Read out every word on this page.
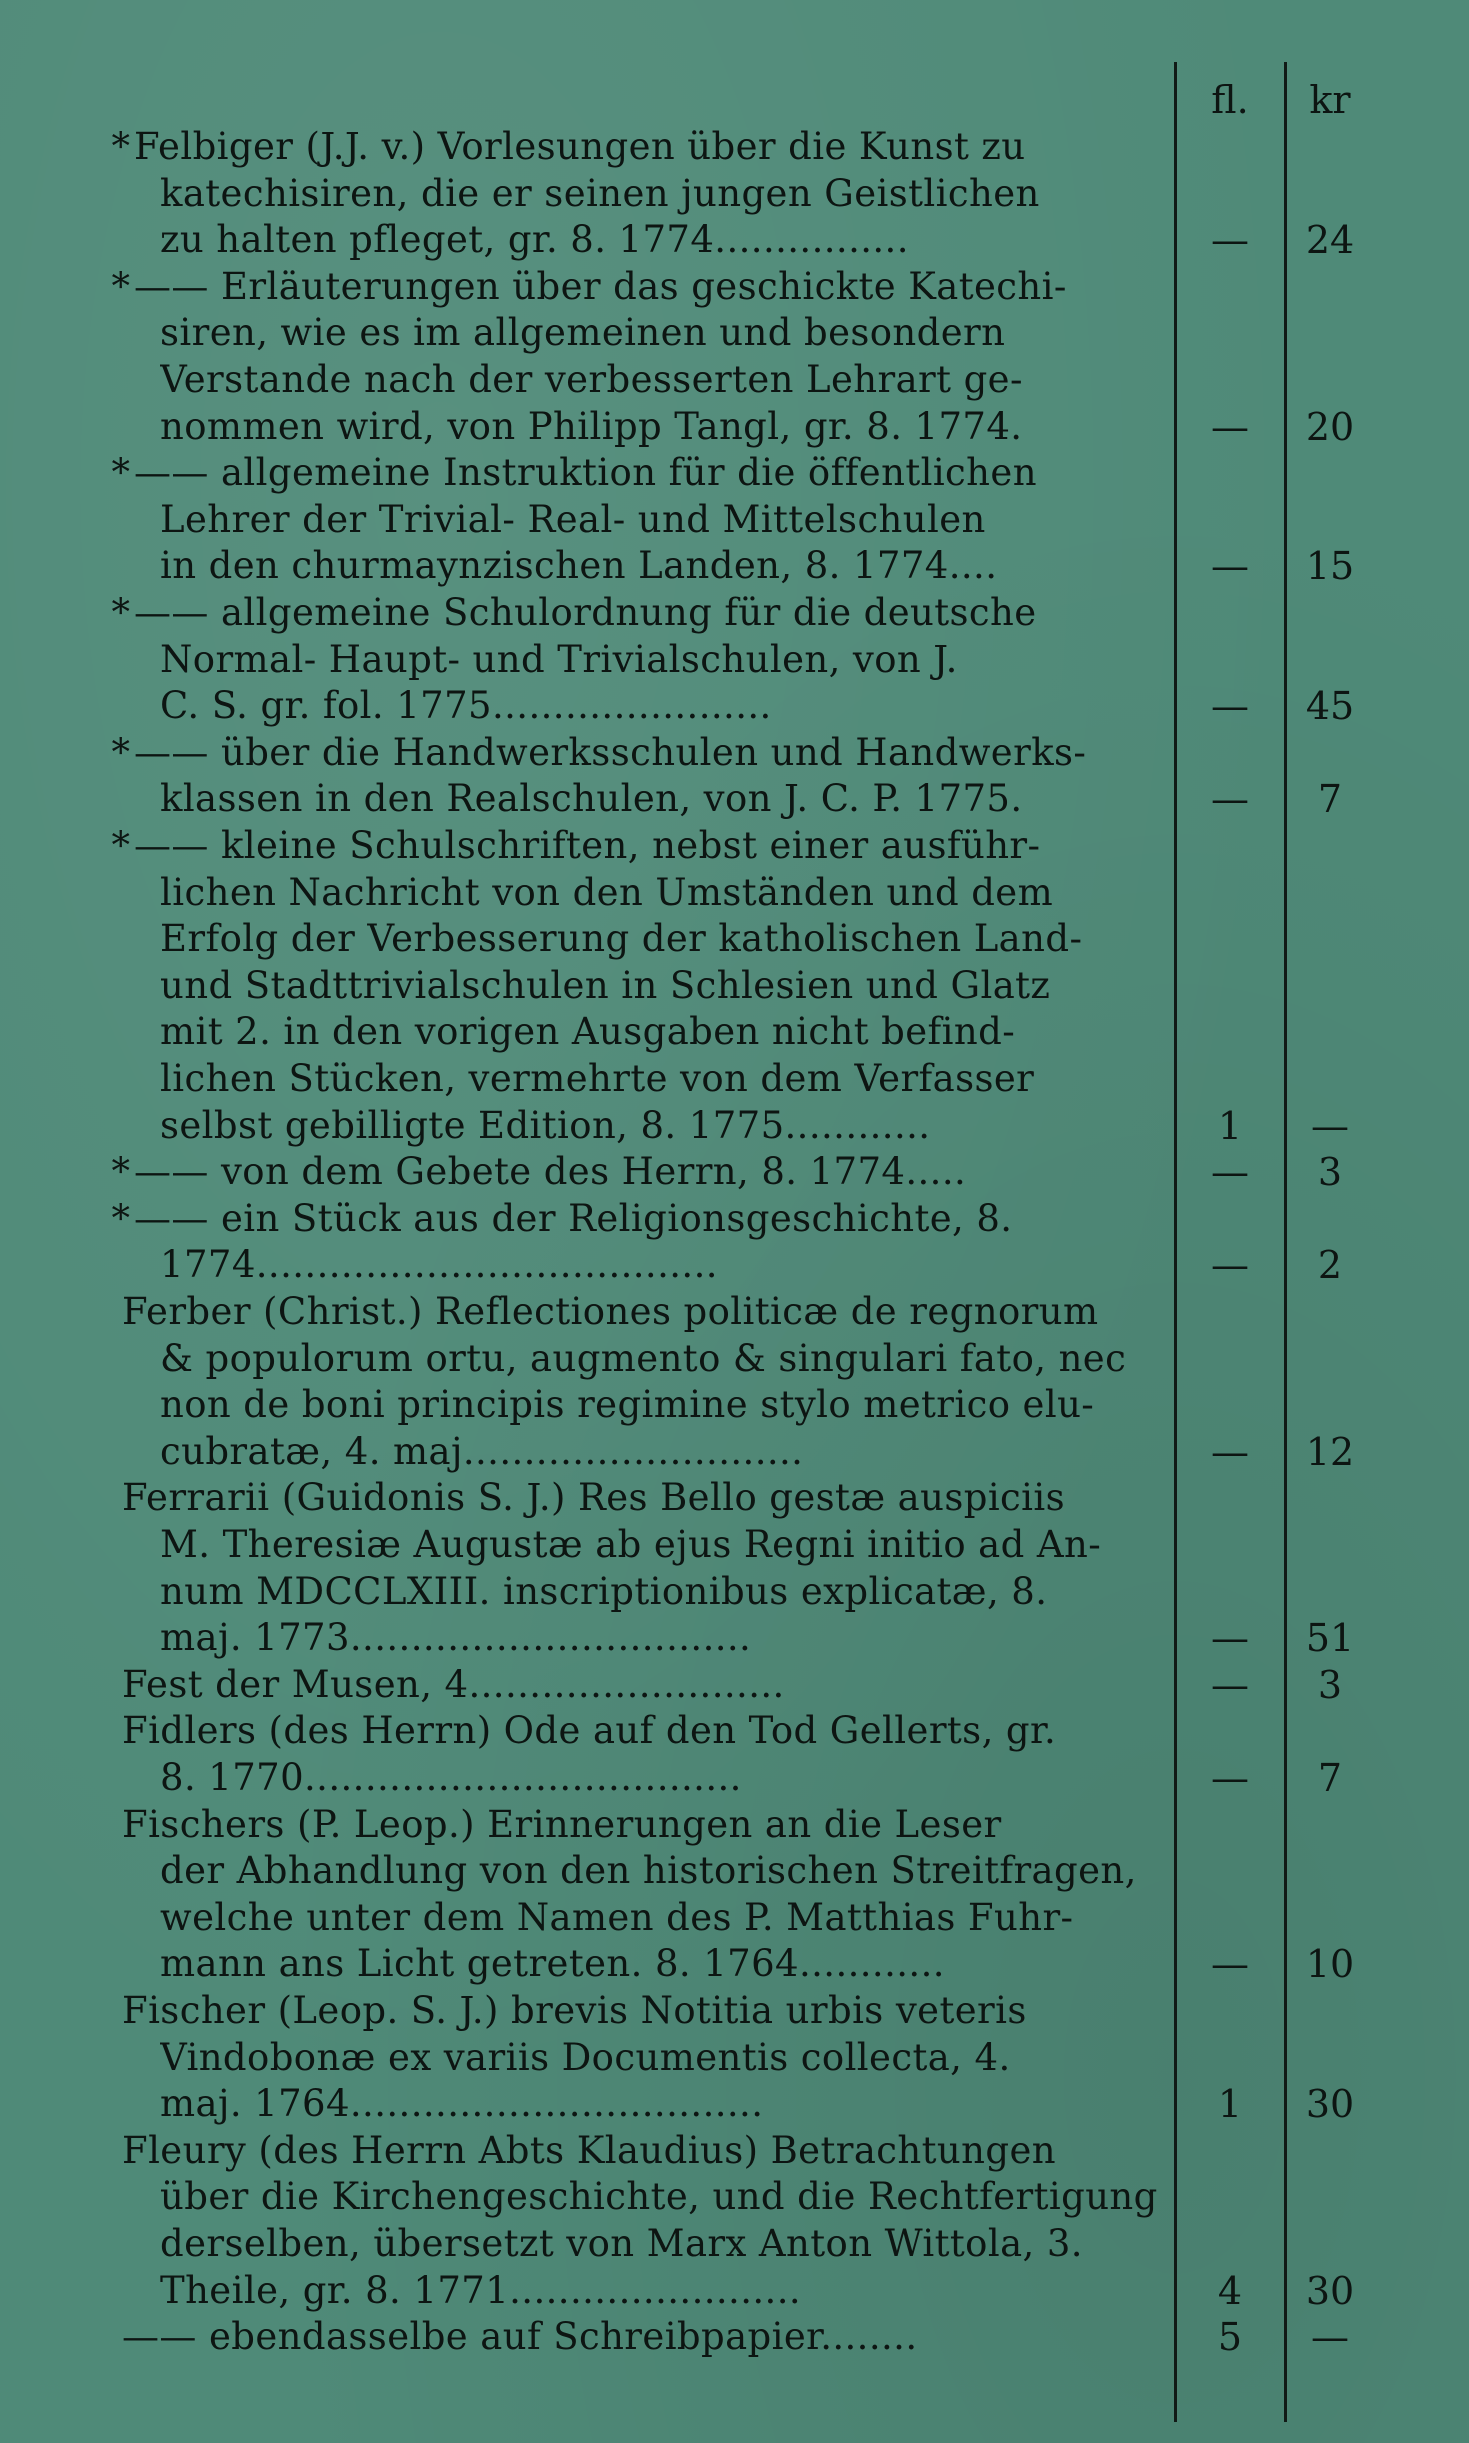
fl.	kr
* Felbiger (J.J. v.) Vorlesungen über die Kunst zu
katechisiren, die er seinen jungen Geistlichen
zu halten pfleget, gr. 8. 1774................	—	24
* —— Erläuterungen über das geschickte Katechi-
siren, wie es im allgemeinen und besondern
Verstande nach der verbesserten Lehrart ge-
nommen wird, von Philipp Tangl, gr. 8. 1774.	—	20
* —— allgemeine Instruktion für die öffentlichen
Lehrer der Trivial- Real- und Mittelschulen
in den churmaynzischen Landen, 8. 1774....	—	15
* —— allgemeine Schulordnung für die deutsche
Normal- Haupt- und Trivialschulen, von J.
C. S. gr. fol. 1775.......................	—	45
* —— über die Handwerksschulen und Handwerks-
klassen in den Realschulen, von J. C. P. 1775.	—	7
* —— kleine Schulschriften, nebst einer ausführ-
lichen Nachricht von den Umständen und dem
Erfolg der Verbesserung der katholischen Land-
und Stadttrivialschulen in Schlesien und Glatz
mit 2. in den vorigen Ausgaben nicht befind-
lichen Stücken, vermehrte von dem Verfasser
selbst gebilligte Edition, 8. 1775............	1	—
* —— von dem Gebete des Herrn, 8. 1774.....	—	3
* —— ein Stück aus der Religionsgeschichte, 8.
1774......................................	—	2
Ferber (Christ.) Reflectiones politicæ de regnorum
& populorum ortu, augmento & singulari fato, nec
non de boni principis regimine stylo metrico elu-
cubratæ, 4. maj............................	—	12
Ferrarii (Guidonis S. J.) Res Bello gestæ auspiciis
M. Theresiæ Augustæ ab ejus Regni initio ad An-
num MDCCLXIII. inscriptionibus explicatæ, 8.
maj. 1773.................................	—	51
Fest der Musen, 4..........................	—	3
Fidlers (des Herrn) Ode auf den Tod Gellerts, gr.
8. 1770....................................	—	7
Fischers (P. Leop.) Erinnerungen an die Leser
der Abhandlung von den historischen Streitfragen,
welche unter dem Namen des P. Matthias Fuhr-
mann ans Licht getreten. 8. 1764............	—	10
Fischer (Leop. S. J.) brevis Notitia urbis veteris
Vindobonæ ex variis Documentis collecta, 4.
maj. 1764..................................	1	30
Fleury (des Herrn Abts Klaudius) Betrachtungen
über die Kirchengeschichte, und die Rechtfertigung
derselben, übersetzt von Marx Anton Wittola, 3.
Theile, gr. 8. 1771........................	4	30
—— ebendasselbe auf Schreibpapier........	5	—
